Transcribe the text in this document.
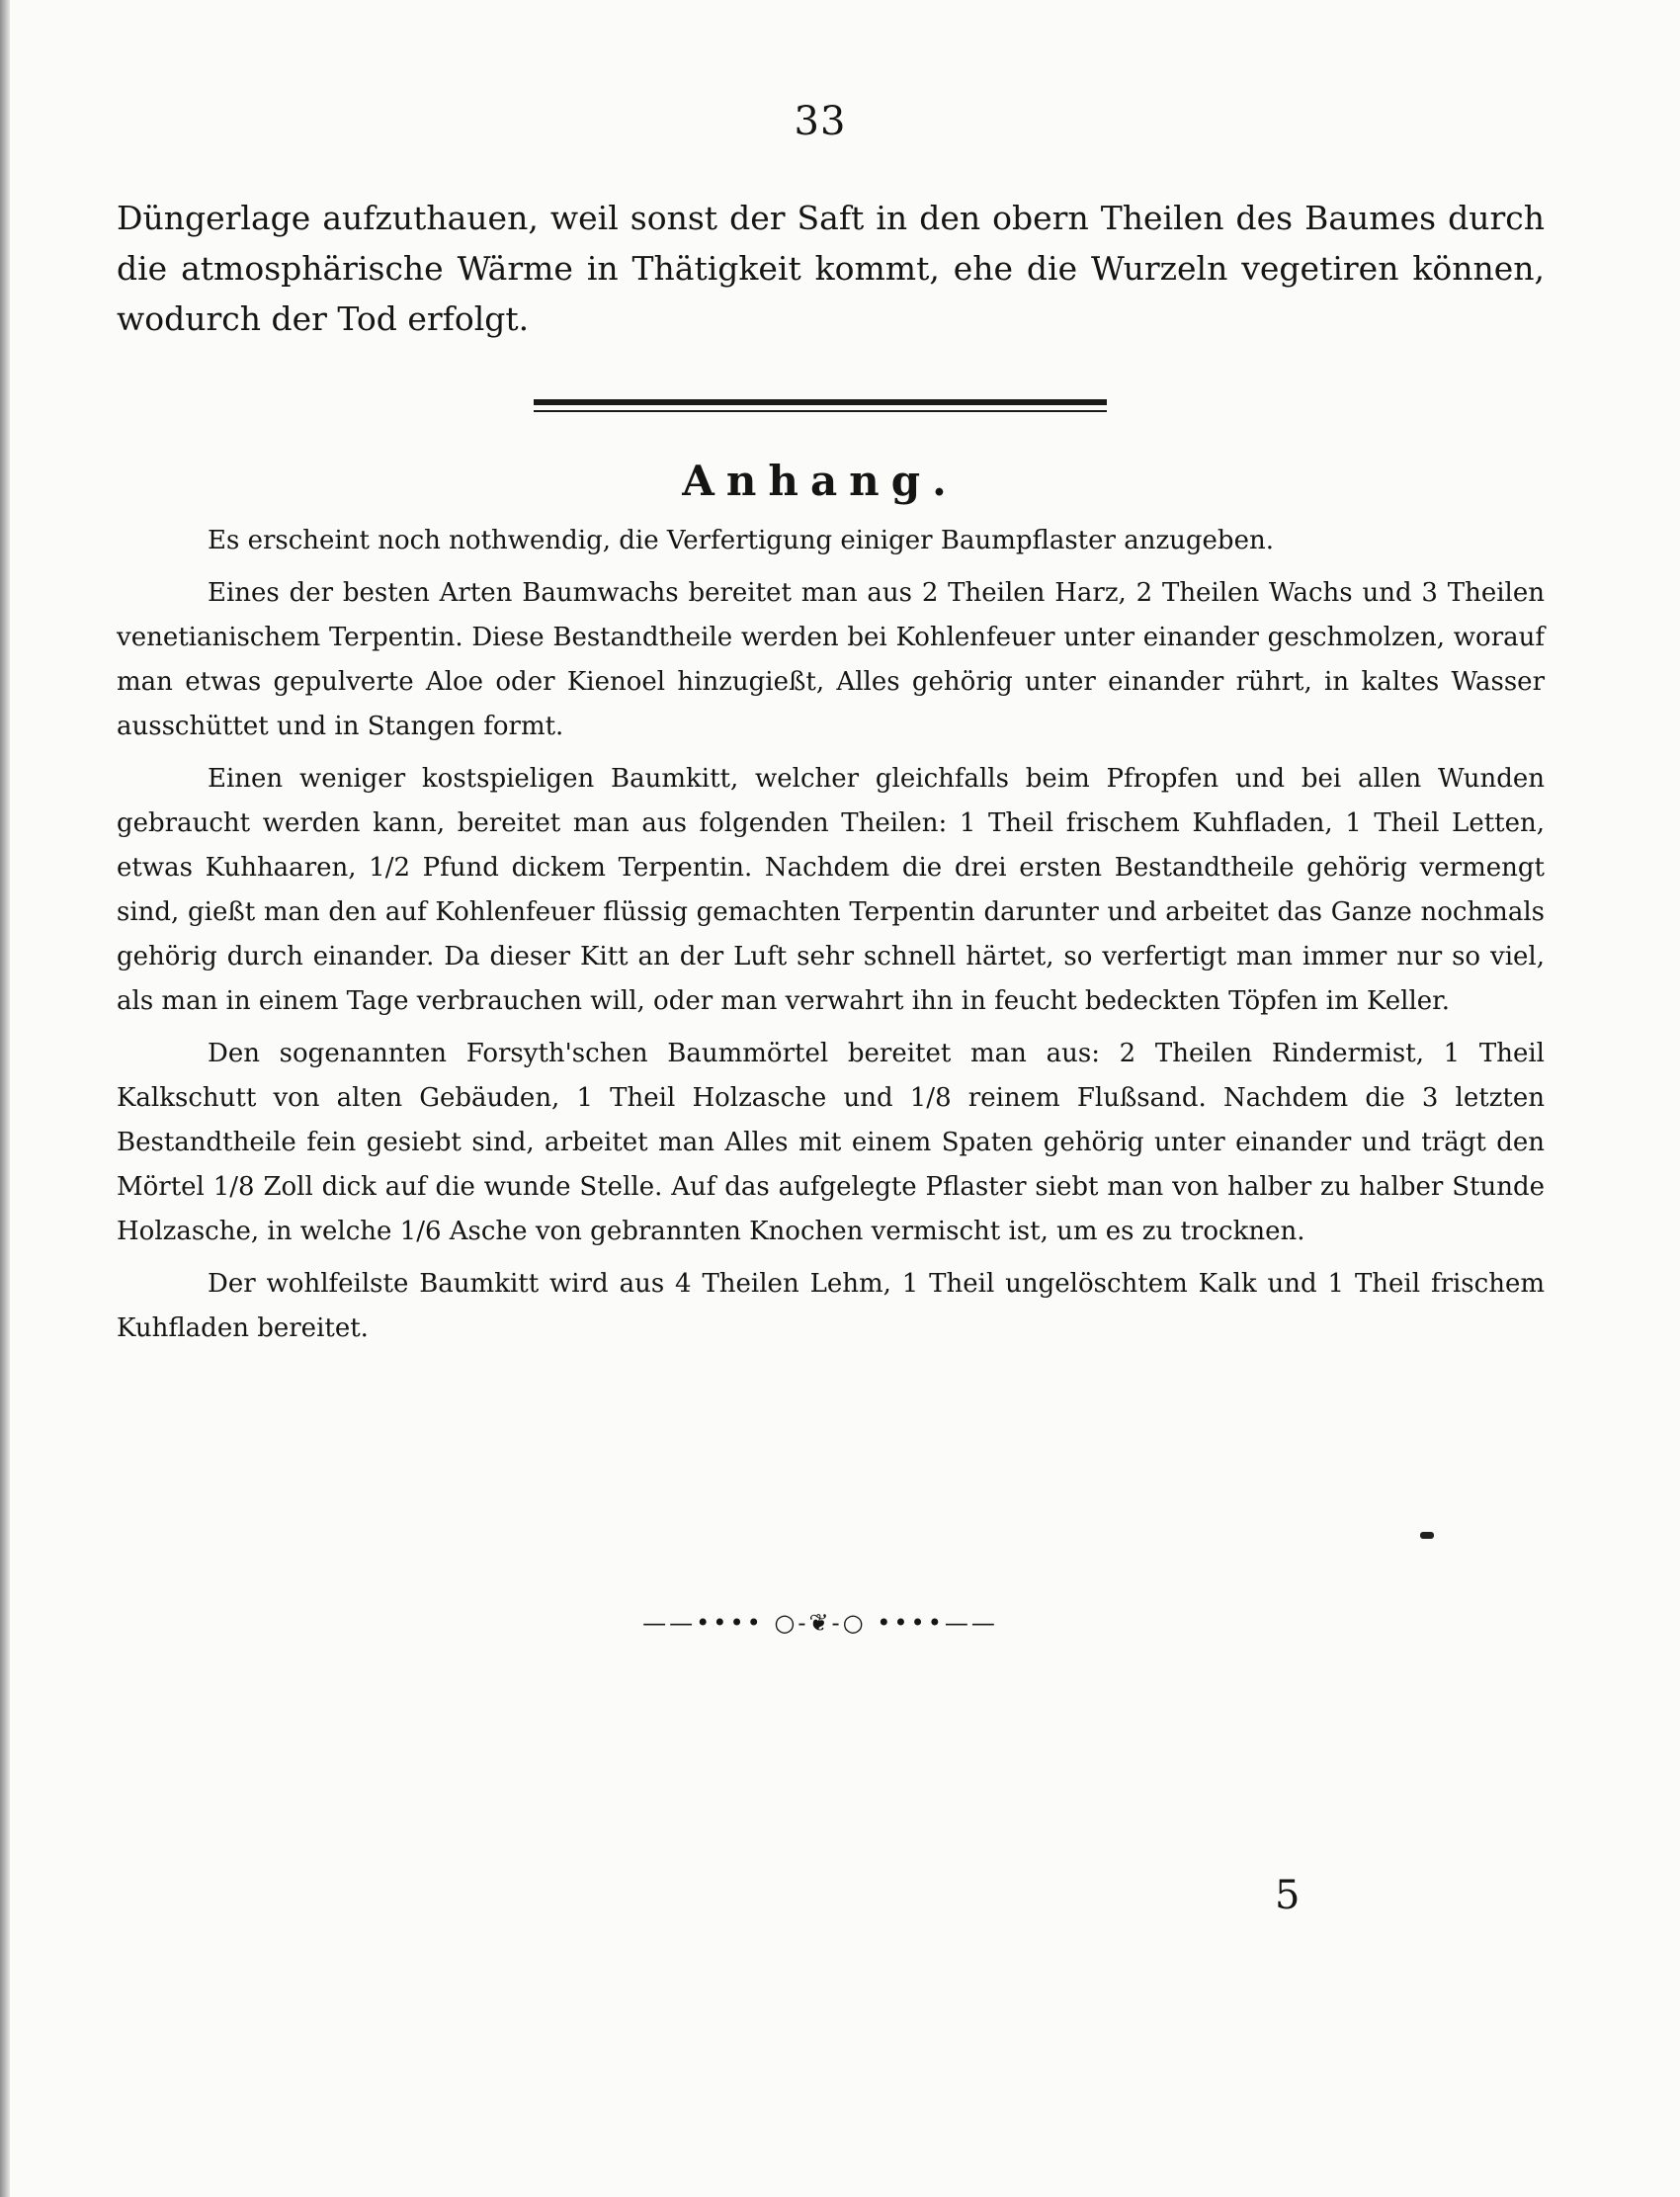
33

Düngerlage aufzuthauen, weil sonst der Saft in den obern Theilen des Baumes durch die atmosphärische Wärme in Thätigkeit kommt, ehe die Wurzeln vegetiren können, wodurch der Tod erfolgt.

Anhang.

Es erscheint noch nothwendig, die Verfertigung einiger Baumpflaster anzugeben.

Eines der besten Arten Baumwachs bereitet man aus 2 Theilen Harz, 2 Theilen Wachs und 3 Theilen venetianischem Terpentin. Diese Bestandtheile werden bei Kohlenfeuer unter einander geschmolzen, worauf man etwas gepulverte Aloe oder Kienoel hinzugießt, Alles gehörig unter einander rührt, in kaltes Wasser ausschüttet und in Stangen formt.

Einen weniger kostspieligen Baumkitt, welcher gleichfalls beim Pfropfen und bei allen Wunden gebraucht werden kann, bereitet man aus folgenden Theilen: 1 Theil frischem Kuhfladen, 1 Theil Letten, etwas Kuhhaaren, 1/2 Pfund dickem Terpentin. Nachdem die drei ersten Bestandtheile gehörig vermengt sind, gießt man den auf Kohlenfeuer flüssig gemachten Terpentin darunter und arbeitet das Ganze nochmals gehörig durch einander. Da dieser Kitt an der Luft sehr schnell härtet, so verfertigt man immer nur so viel, als man in einem Tage verbrauchen will, oder man verwahrt ihn in feucht bedeckten Töpfen im Keller.

Den sogenannten Forsyth'schen Baummörtel bereitet man aus: 2 Theilen Rindermist, 1 Theil Kalkschutt von alten Gebäuden, 1 Theil Holzasche und 1/8 reinem Flußsand. Nachdem die 3 letzten Bestandtheile fein gesiebt sind, arbeitet man Alles mit einem Spaten gehörig unter einander und trägt den Mörtel 1/8 Zoll dick auf die wunde Stelle. Auf das aufgelegte Pflaster siebt man von halber zu halber Stunde Holzasche, in welche 1/6 Asche von gebrannten Knochen vermischt ist, um es zu trocknen.

Der wohlfeilste Baumkitt wird aus 4 Theilen Lehm, 1 Theil ungelöschtem Kalk und 1 Theil frischem Kuhfladen bereitet.

——•••• ○-❦-○ ••••——
5
